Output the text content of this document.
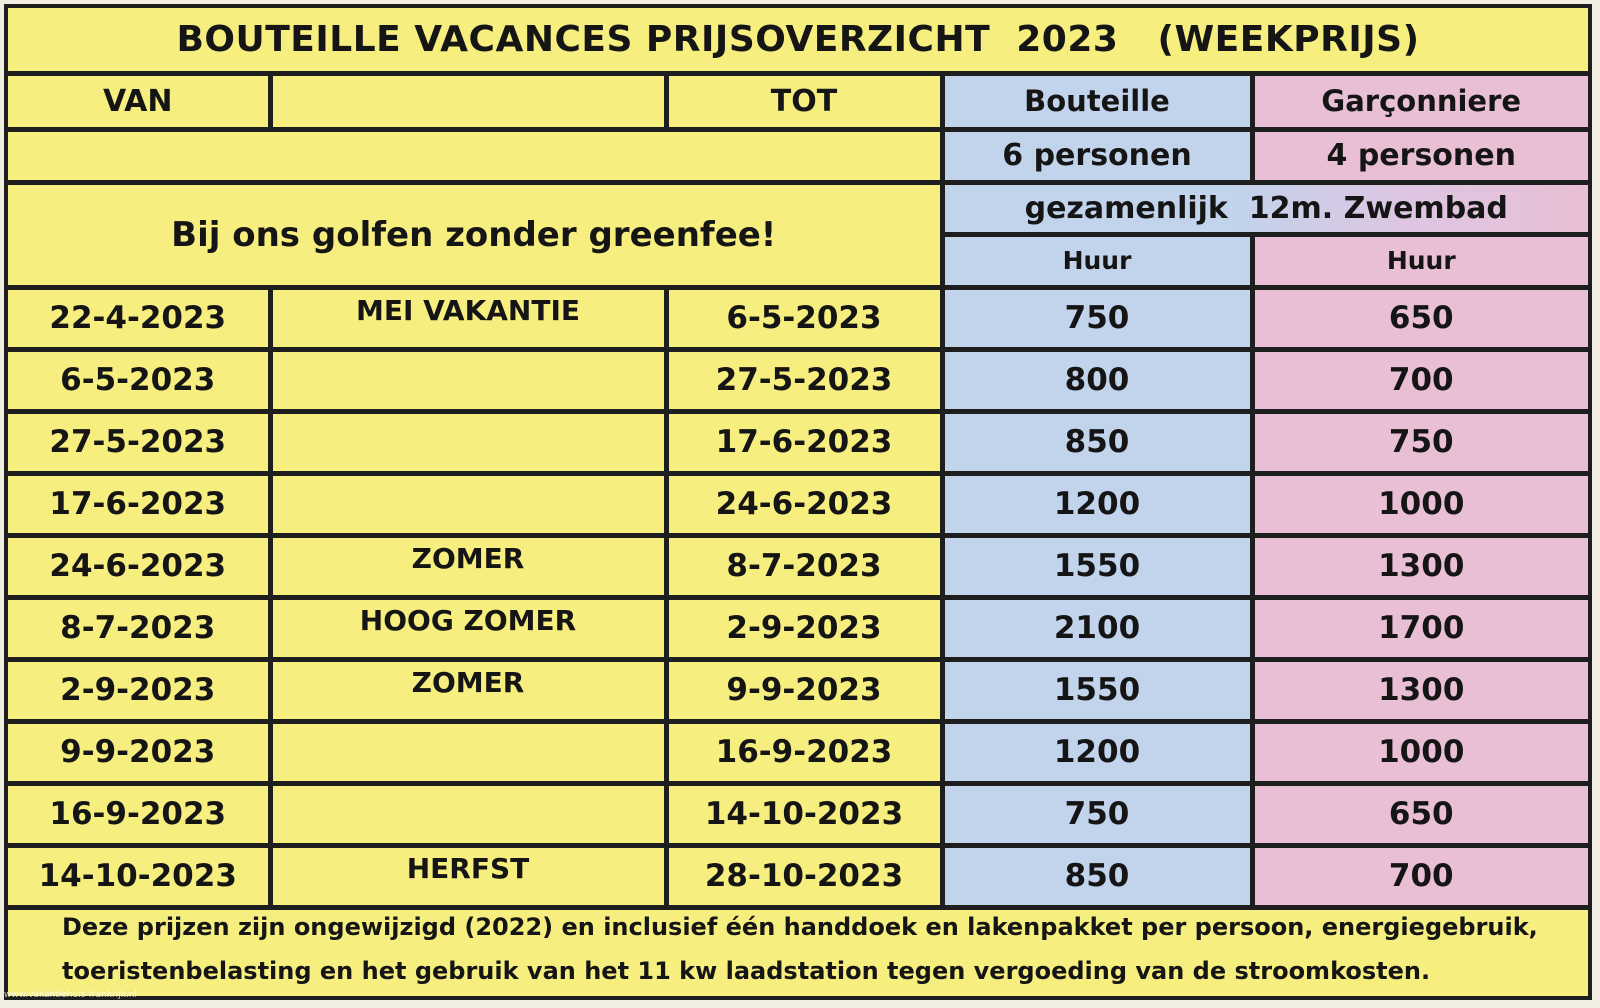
BOUTEILLE VACANCES PRIJSOVERZICHT  2023   (WEEKPRIJS)
VAN		TOT	Bouteille	Garçonniere
			6 personen	4 personen
Bij ons golfen zonder greenfee!			gezamenlijk  12m. Zwembad	
			Huur	Huur
22-4-2023	MEI VAKANTIE	6-5-2023	750	650
6-5-2023		27-5-2023	800	700
27-5-2023		17-6-2023	850	750
17-6-2023		24-6-2023	1200	1000
24-6-2023	ZOMER	8-7-2023	1550	1300
8-7-2023	HOOG ZOMER	2-9-2023	2100	1700
2-9-2023	ZOMER	9-9-2023	1550	1300
9-9-2023		16-9-2023	1200	1000
16-9-2023		14-10-2023	750	650
14-10-2023	HERFST	28-10-2023	850	700
Deze prijzen zijn ongewijzigd (2022) en inclusief één handdoek en lakenpakket per persoon, energiegebruik,
toeristenbelasting en het gebruik van het 11 kw laadstation tegen vergoeding van de stroomkosten.
www.vakantiehuis-frankrijk.nl
